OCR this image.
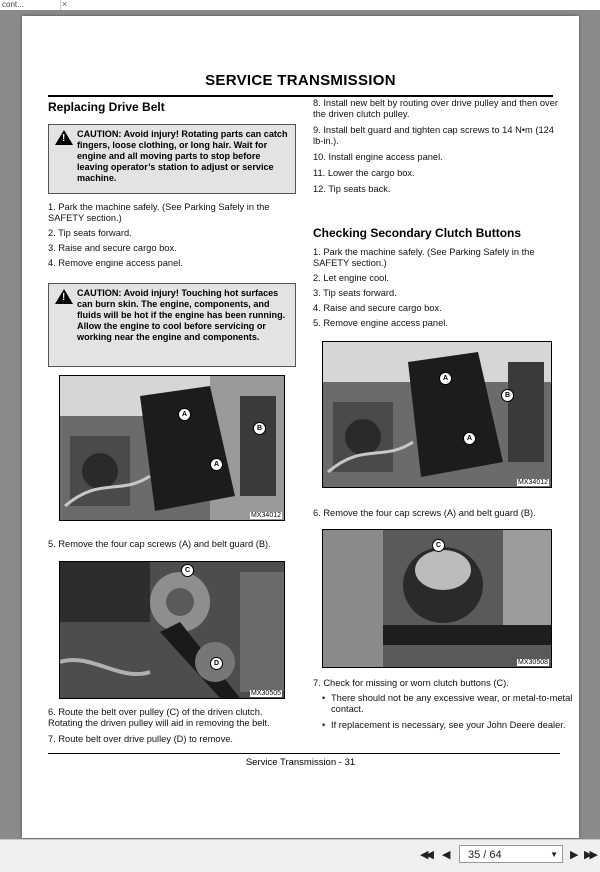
cont...	×
SERVICE TRANSMISSION
Replacing Drive Belt
!
CAUTION: Avoid injury! Rotating parts can catch fingers, loose clothing, or long hair. Wait for engine and all moving parts to stop before leaving operator’s station to adjust or service machine.

1. Park the machine safely. (See Parking Safely in the SAFETY section.)

2. Tip seats forward.

3. Raise and secure cargo box.

4. Remove engine access panel.

!
CAUTION: Avoid injury! Touching hot surfaces can burn skin. The engine, components, and fluids will be hot if the engine has been running. Allow the engine to cool before servicing or working near the engine and components.
A
A
B
MX34012

5. Remove the four cap screws (A) and belt guard (B).

C
D
MX30505

6. Route the belt over pulley (C) of the driven clutch. Rotating the driven pulley will aid in removing the belt.

7. Route belt over drive pulley (D) to remove.

8. Install new belt by routing over drive pulley and then over the driven clutch pulley.

9. Install belt guard and tighten cap screws to 14 N•m (124 lb-in.).

10. Install engine access panel.

11. Lower the cargo box.

12. Tip seats back.

Checking Secondary Clutch Buttons

1. Park the machine safely. (See Parking Safely in the SAFETY section.)

2. Let engine cool.

3. Tip seats forward.

4. Raise and secure cargo box.

5. Remove engine access panel.

A
A
B
MX34012

6. Remove the four cap screws (A) and belt guard (B).

C
MX30508

7. Check for missing or worn clutch buttons (C).

• There should not be any excessive wear, or metal-to-metal contact.

• If replacement is necessary, see your John Deere dealer.

Service Transmission - 31
◀◀ ◀	35 / 64	▼ ▶ ▶▶
